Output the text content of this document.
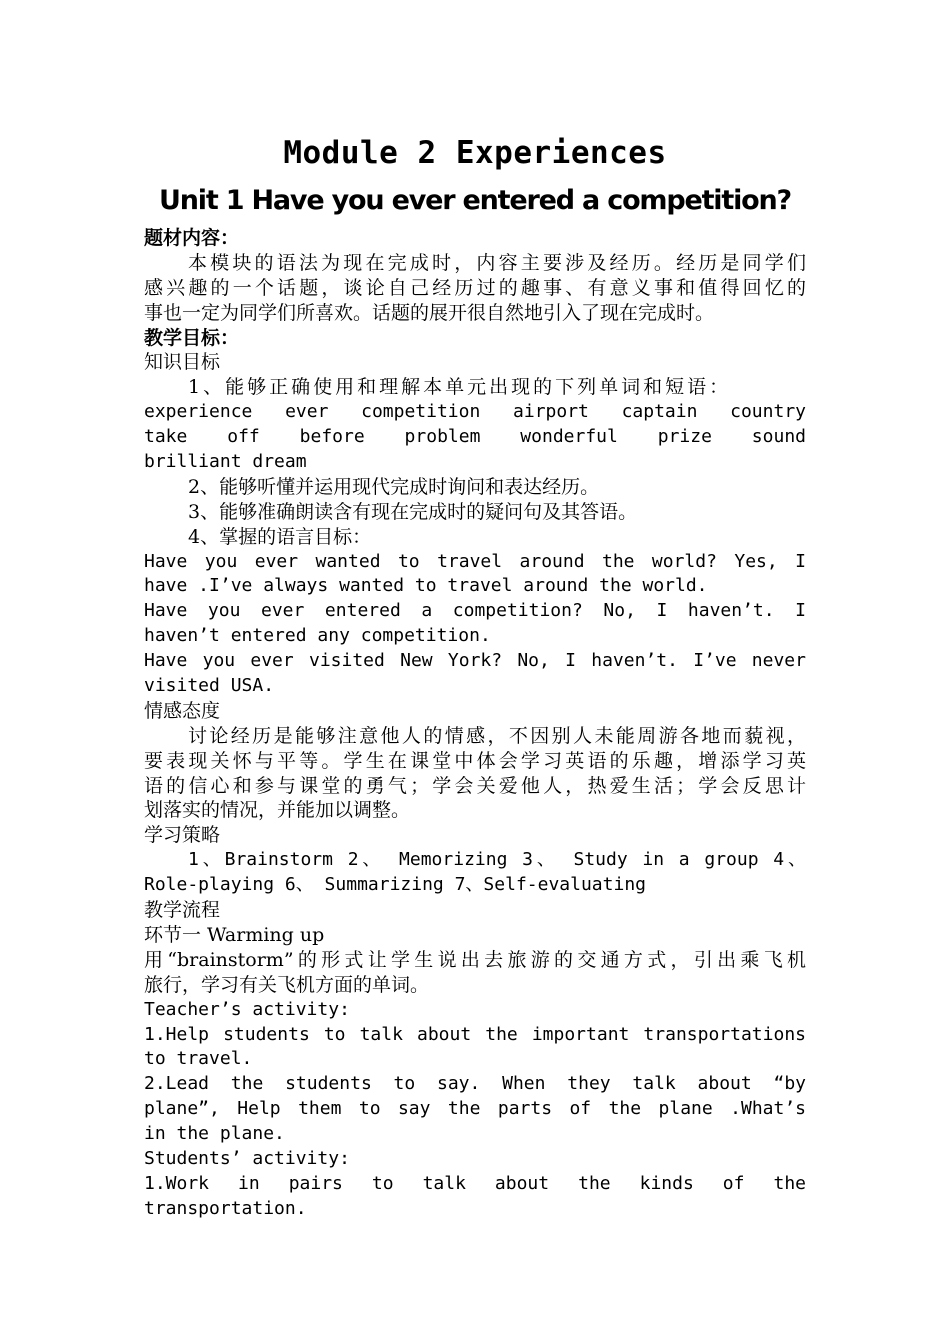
Module 2 Experiences
Unit 1 Have you ever entered a competition?
题材内容：
本模块的语法为现在完成时，内容主要涉及经历。经历是同学们
感兴趣的一个话题，谈论自己经历过的趣事、有意义事和值得回忆的
事也一定为同学们所喜欢。话题的展开很自然地引入了现在完成时。
教学目标：
知识目标
1、能够正确使用和理解本单元出现的下列单词和短语：
experience ever competition airport captain country
take off before problem wonderful prize sound
brilliant dream
2、能够听懂并运用现代完成时询问和表达经历。
3、能够准确朗读含有现在完成时的疑问句及其答语。
4、掌握的语言目标：
Have you ever wanted to travel around the world? Yes, I
have .I’ve always wanted to travel around the world.
Have you ever entered a competition? No, I haven’t. I
haven’t entered any competition.
Have you ever visited New York? No, I haven’t. I’ve never
visited USA.
情感态度
讨论经历是能够注意他人的情感，不因别人未能周游各地而藐视，
要表现关怀与平等。学生在课堂中体会学习英语的乐趣，增添学习英
语的信心和参与课堂的勇气；学会关爱他人，热爱生活；学会反思计
划落实的情况，并能加以调整。
学习策略
1、Brainstorm 2、 Memorizing 3、 Study in a group 4、
Role-playing 6、 Summarizing 7、Self-evaluating
教学流程
环节一 Warming up
用“brainstorm”的形式让学生说出去旅游的交通方式，引出乘飞机
旅行，学习有关飞机方面的单词。
Teacher’s activity:
1.Help students to talk about the important transportations
to travel.
2.Lead the students to say. When they talk about “by
plane”, Help them to say the parts of the plane .What’s
in the plane.
Students’ activity:
1.Work in pairs to talk about the kinds of the
transportation.
